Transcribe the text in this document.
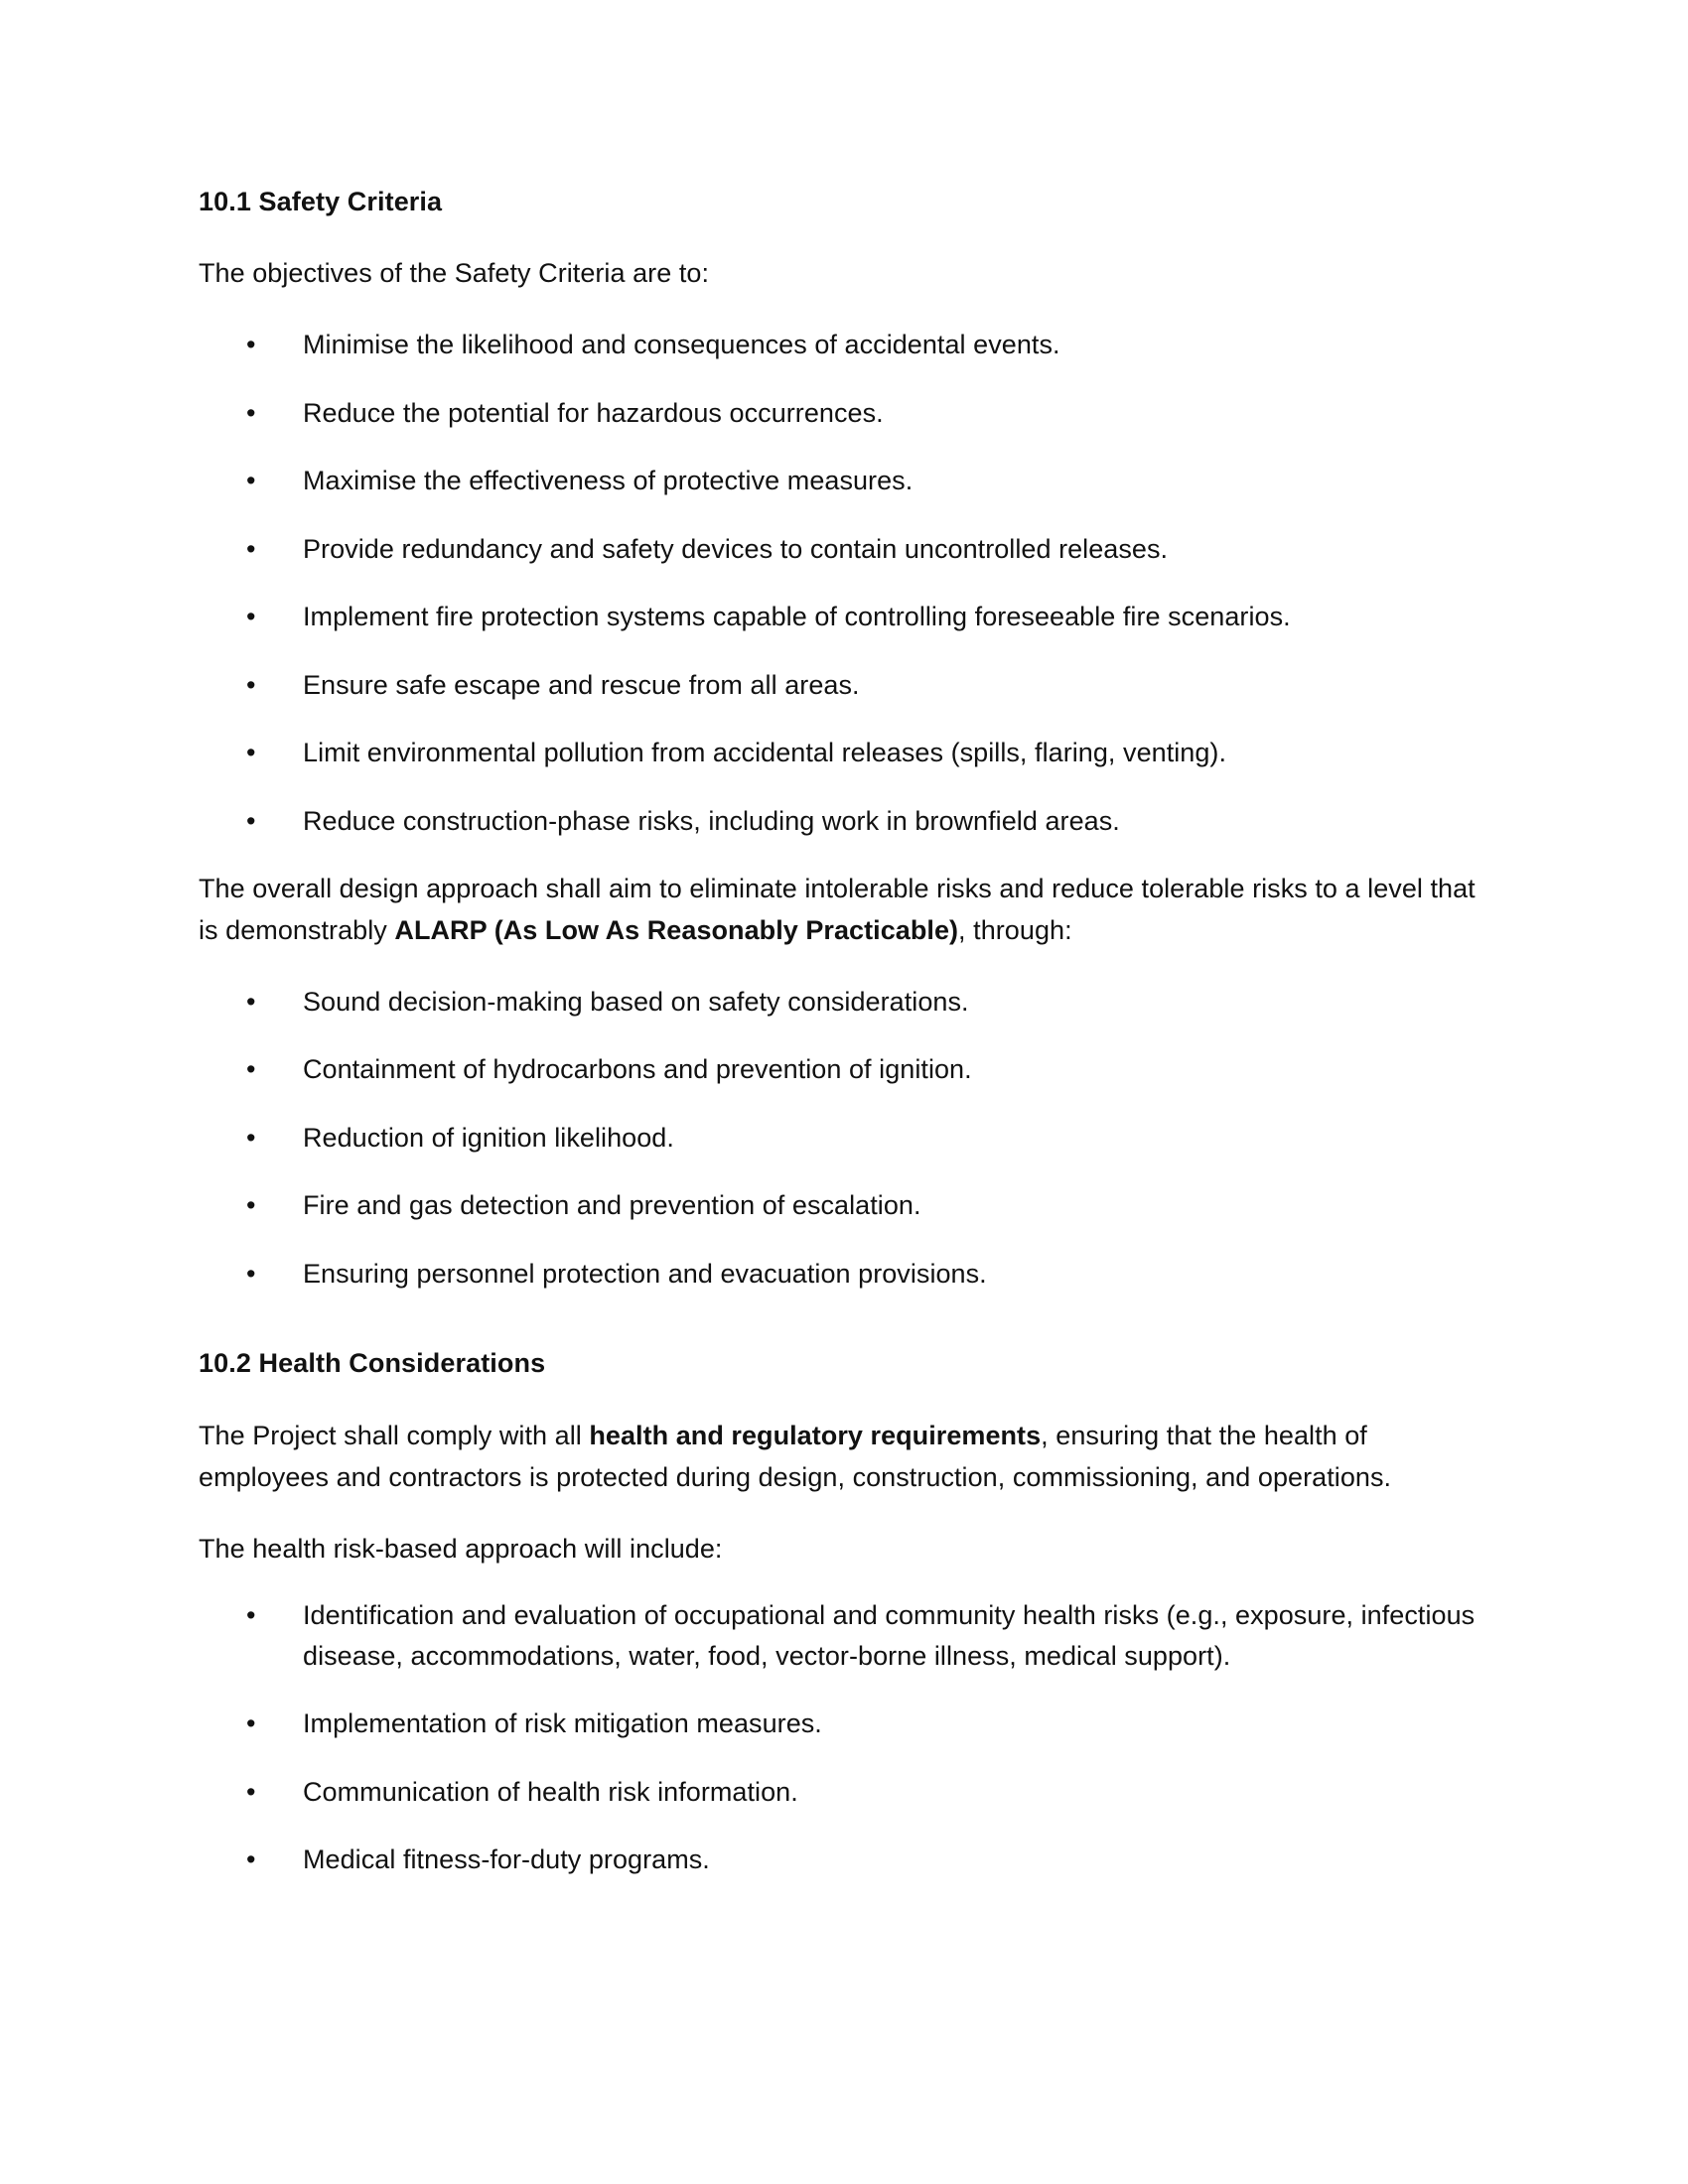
10.1 Safety Criteria

The objectives of the Safety Criteria are to:

• Minimise the likelihood and consequences of accidental events.
• Reduce the potential for hazardous occurrences.
• Maximise the effectiveness of protective measures.
• Provide redundancy and safety devices to contain uncontrolled releases.
• Implement fire protection systems capable of controlling foreseeable fire scenarios.
• Ensure safe escape and rescue from all areas.
• Limit environmental pollution from accidental releases (spills, flaring, venting).
• Reduce construction-phase risks, including work in brownfield areas.

The overall design approach shall aim to eliminate intolerable risks and reduce tolerable risks to a level that is demonstrably ALARP (As Low As Reasonably Practicable), through:

• Sound decision-making based on safety considerations.
• Containment of hydrocarbons and prevention of ignition.
• Reduction of ignition likelihood.
• Fire and gas detection and prevention of escalation.
• Ensuring personnel protection and evacuation provisions.
10.2 Health Considerations

The Project shall comply with all health and regulatory requirements, ensuring that the health of employees and contractors is protected during design, construction, commissioning, and operations.

The health risk-based approach will include:

• Identification and evaluation of occupational and community health risks (e.g., exposure, infectious disease, accommodations, water, food, vector-borne illness, medical support).
• Implementation of risk mitigation measures.
• Communication of health risk information.
• Medical fitness-for-duty programs.
